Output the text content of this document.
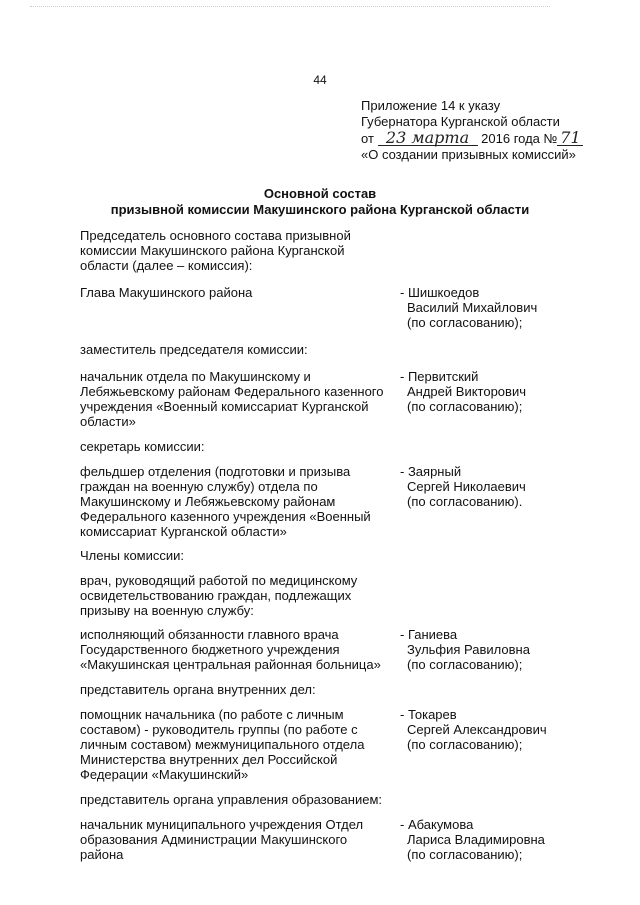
44
Приложение 14 к указу
Губернатора Курганской области
от 23 марта 2016 года № 71
«О создании призывных комиссий»
Основной состав
призывной комиссии Макушинского района Курганской области
Председатель основного состава призывной
комиссии Макушинского района Курганской
области (далее – комиссия):
Глава Макушинского района	- Шишкоедов
Василий Михайлович
(по согласованию);
заместитель председателя комиссии:
начальник отдела по Макушинскому и
Лебяжьевскому районам Федерального казенного
учреждения «Военный комиссариат Курганской
области»
- Первитский
Андрей Викторович
(по согласованию);
секретарь комиссии:
фельдшер отделения (подготовки и призыва
граждан на военную службу) отдела по
Макушинскому и Лебяжьевскому районам
Федерального казенного учреждения «Военный
комиссариат Курганской области»
- Заярный
Сергей Николаевич
(по согласованию).
Члены комиссии:
врач, руководящий работой по медицинскому
освидетельствованию граждан, подлежащих
призыву на военную службу:
исполняющий обязанности главного врача
Государственного бюджетного учреждения
«Макушинская центральная районная больница»
- Ганиева
Зульфия Равиловна
(по согласованию);
представитель органа внутренних дел:
помощник начальника (по работе с личным
составом) - руководитель группы (по работе с
личным составом) межмуниципального отдела
Министерства внутренних дел Российской
Федерации «Макушинский»
- Токарев
Сергей Александрович
(по согласованию);
представитель органа управления образованием:
начальник муниципального учреждения Отдел
образования Администрации Макушинского
района
- Абакумова
Лариса Владимировна
(по согласованию);
